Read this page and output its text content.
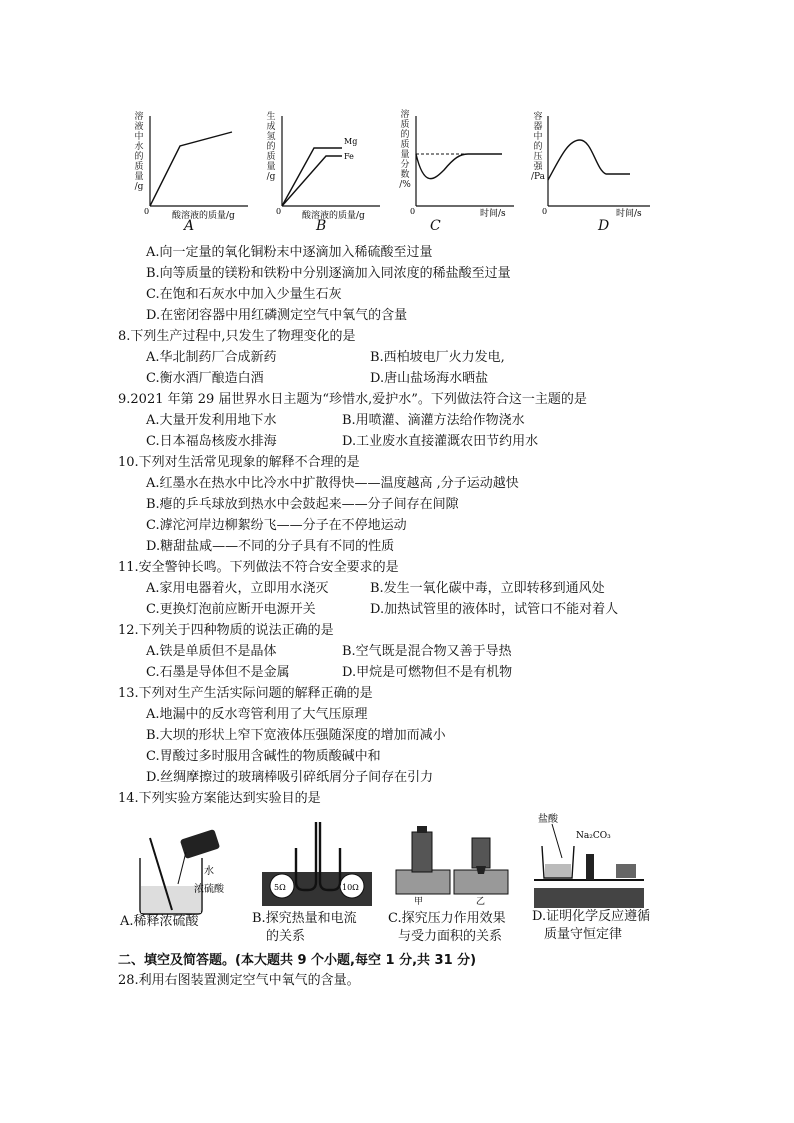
0	酸溶液的质量/g
A
Mg
Fe
0 酸溶液的质量/g
B
0	时间/s
C
0	时间/s
D
溶
液
中
水
的
质
量
/g
生
成
氢
的
质
量
/g
溶
质
的
质
量
分
数
/%
容
器
中
的
压
强
/Pa
A.向一定量的氧化铜粉末中逐滴加入稀硫酸至过量
B.向等质量的镁粉和铁粉中分别逐滴加入同浓度的稀盐酸至过量
C.在饱和石灰水中加入少量生石灰
D.在密闭容器中用红磷测定空气中氧气的含量
8.下列生产过程中,只发生了物理变化的是
A.华北制药厂合成新药	B.西柏坡电厂火力发电,
C.衡水酒厂酿造白酒	D.唐山盐场海水晒盐
9.2021 年第 29 届世界水日主题为“珍惜水,爱护水”。下列做法符合这一主题的是
A.大量开发利用地下水	B.用喷灌、滴灌方法给作物浇水
C.日本福岛核废水排海	D.工业废水直接灌溉农田节约用水
10.下列对生活常见现象的解释不合理的是
A.红墨水在热水中比冷水中扩散得快——温度越高 ,分子运动越快
B.瘪的乒乓球放到热水中会鼓起来——分子间存在间隙
C.滹沱河岸边柳絮纷飞——分子在不停地运动
D.糖甜盐咸——不同的分子具有不同的性质
11.安全警钟长鸣。下列做法不符合安全要求的是
A.家用电器着火，立即用水浇灭	B.发生一氧化碳中毒，立即转移到通风处
C.更换灯泡前应断开电源开关	D.加热试管里的液体时，试管口不能对着人
12.下列关于四种物质的说法正确的是
A.铁是单质但不是晶体	B.空气既是混合物又善于导热
C.石墨是导体但不是金属	D.甲烷是可燃物但不是有机物
13.下列对生产生活实际问题的解释正确的是
A.地漏中的反水弯管利用了大气压原理
B.大坝的形状上窄下宽液体压强随深度的增加而减小
C.胃酸过多时服用含碱性的物质酸碱中和
D.丝绸摩擦过的玻璃棒吸引碎纸屑分子间存在引力
14.下列实验方案能达到实验目的是
水
浓硫酸
A.稀释浓硫酸
5Ω	10Ω
B.探究热量和电流
的关系
甲	乙
C.探究压力作用效果
与受力面积的关系
盐酸
Na₂CO₃
D.证明化学反应遵循
质量守恒定律
二、填空及简答题。(本大题共 9 个小题,每空 1 分,共 31 分)
28.利用右图装置测定空气中氧气的含量。
